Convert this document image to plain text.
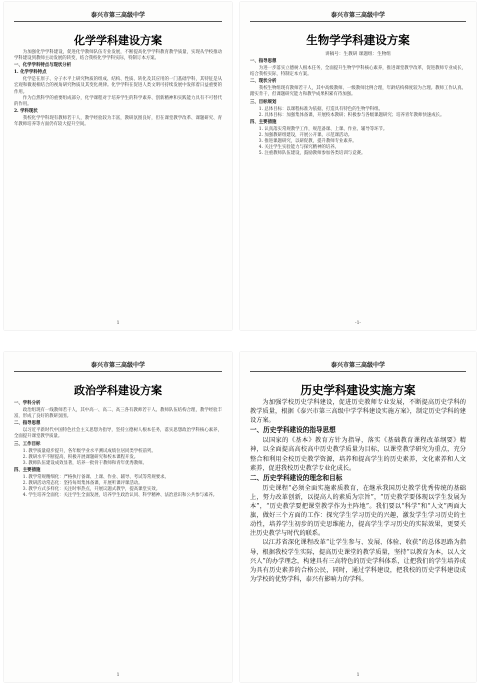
泰兴市第三高级中学
化学学科建设方案

为加强化学学科建设，促进化学教师队伍专业发展，不断提高化学学科教育教学质量，实现从学校推动学科建设到教师主动发展的转变，结合我校化学学科实际，特制订本方案。

一、化学学科特点与现状分析

1. 化学学科特点

化学是在原子、分子水平上研究物质的组成、结构、性质、转化及其应用的一门基础学科，其特征是从宏观和微观相结合的视角研究物质及其变化规律。化学学科在促进人类文明可持续发展中发挥着日益重要的作用。

作为自然科学的重要组成部分，化学课程对于培养学生的科学素养、创新精神和实践能力具有不可替代的作用。

2. 学科现状

我校化学学科现有教师若干人，教学经验较为丰富，教研氛围良好，但在课堂教学改革、课题研究、青年教师培养等方面仍有较大提升空间。

1
泰兴市第三高级中学
生物学学科建设方案
讲稿号：生教研 课题组：生物组

一、指导思想

为进一步落实立德树人根本任务，全面提升生物学学科核心素养，推进课堂教学改革，促进教师专业成长，结合我校实际，特制定本方案。

二、现状分析

我校生物组现有教师若干人，其中高级教师、一级教师比例合理，年龄结构梯度较为合理。教师工作认真、踏实肯干，但课题研究能力和教学成果积累有待加强。

三、目标规划

1. 总体目标：以课程标准为依据，打造具有特色的生物学科组。

2. 具体目标：加强集体备课，开展校本教研；积极参与各级课题研究；培养青年教师快速成长。

四、主要措施

1. 认真落实常规教学工作，规范备课、上课、作业、辅导等环节。

2. 加强教研组建设，开展公开课、示范课活动。

3. 推进课题研究，以研促教，提升教师专业素养。

4. 关注学生实验能力与探究精神的培养。

5. 注重教师队伍建设，鼓励教师参加各类培训与竞赛。

-1-
泰兴市第三高级中学
政治学科建设方案

一、学科分析

政治组现有一线教师若干人，其中高一、高二、高三各有教师若干人。教师队伍结构合理，教学经验丰富，形成了良好的教研氛围。

二、指导思想

以习近平新时代中国特色社会主义思想为指导，坚持立德树人根本任务，落实思想政治学科核心素养，全面提升课堂教学质量。

三、工作目标

1. 教学质量稳步提升，各年级学业水平测试成绩位居同类学校前列。

2. 教研水平不断提高，积极开展课题研究和校本课程开发。

3. 教师队伍建设成效显著，培养一批骨干教师和青年优秀教师。

四、主要措施

1. 教学常规精细化：严格执行备课、上课、作业、辅导、考试等常规要求。

2. 教研活动常态化：坚持每周集体备课，开展听课评课活动。

3. 教学方式多样化：关注时事热点，开展议题式教学，提高课堂实效。

4. 学生培养全面化：关注学生全面发展，培养学生政治认同、科学精神、法治意识和公共参与素养。

1
泰兴市第三高级中学
历史学科建设实施方案

为加强学校历史学科建设，促进历史教师专业发展，不断提高历史学科的教学质量，根据《泰兴市第三高级中学学科建设实施方案》，制定历史学科的建设方案。

一、历史学科建设的指导思想

以国家的《基本》教育方针为指导，落实《基础教育课程改革纲要》精神，以全面提高高校高中历史教学质量为目标，以课堂教学研究为重点，充分整合和利用全校历史教学资源，培养和提高学生的历史素养，文化素养和人文素养，促进我校历史教学专业化成长。

二、历史学科建设的理念和目标

历史课程“必须全面实施素质教育，在继承我国历史教学优秀传统的基础上，努力改革创新，以提高人的素质为宗旨”，“历史教学要体现以学生发展为本”，“历史教学要把课堂教学作为主阵地”。我们要以“科学”和“人文”两面大旗，做好三个方面的工作：探究学生学习历史的兴趣，激发学生学习历史的主动性，培养学生初步的历史思维能力，提高学生学习历史的实际效果，更要关注历史教学与时代的联系。

以江苏省深化课程改革“让学生参与、发展、体验、收获”的总体思路为指导，根据我校学生实际，提高历史课堂的教学质量，坚持“以教育为本，以人文兴人”的办学理念，构建具有三高特色的历史学科体系，让把我们的学生培养成为具有历史素养的合格公民，同时，通过学科建设，把我校的历史学科建设成为学校的优势学科，泰兴有影响力的学科。

1
